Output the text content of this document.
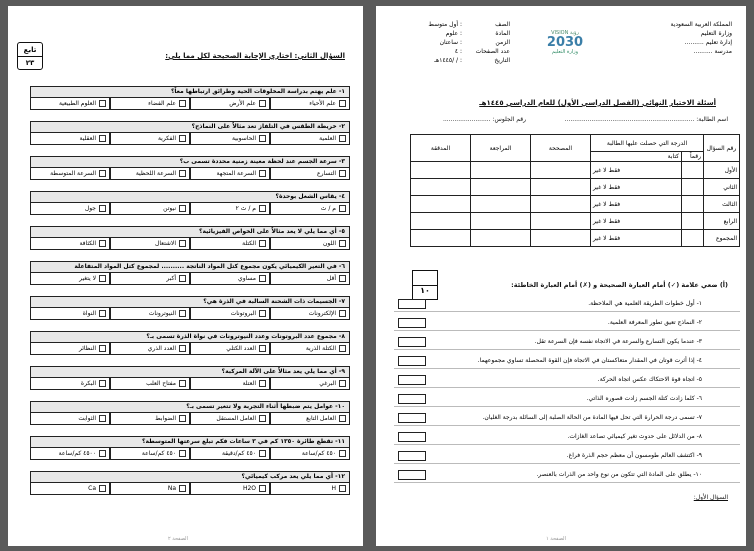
تابع
٢٣
السؤال الثاني: اختاري الإجابة الصحيحة لكل مما يلي:
١- علم يهتم بدراسة المخلوقات الحية وطرائق ارتباطها معاً؟
علم الأحياء
علم الأرض
علم الفضاء
العلوم الطبيعية
٢- خريطة الطقس في التلفاز تعد مثالاً على النماذج؟
العلمية
الحاسوبية
الفكرية
العقلية
٣- سرعة الجسم عند لحظة معينة زمنية محددة تسمى ب؟
التسارع
السرعة المتجهة
السرعة اللحظية
السرعة المتوسطة
٤- يقاس الشغل بوحدة؟
م / ث
م / ث ٢
نيوتن
جول
٥- أي مما يلي لا يعد مثالاً على الخواص الفيزيائية؟
اللون
الكتلة
الاشتعال
الكثافة
٦- في التغير الكيميائي يكون مجموع كتل المواد الناتجة .......... لمجموع كتل المواد المتفاعلة
أقل
مساوي
أكبر
لا يتغير
٧- الجسيمات ذات الشحنة السالبة في الذرة هي؟
الإلكترونات
البروتونات
النيوترونات
النواة
٨- مجموع عدد البروتونات وعدد النيوترونات في نواة الذرة تسمى بـ؟
الكتلة الذرية
العدد الكتلي
العدد الذري
النظائر
٩- أي مما يلي يعد مثالاً على الآلة المركبة؟
البرغي
العتلة
مفتاح العلب
البكرة
١٠- عوامل يتم ضبطها أثناء التجربة ولا تتغير تسمى بـ؟
العامل التابع
العامل المستقل
الضوابط
الثوابت
١١- تقطع طائرة ١٣٥٠ كم في ٣ ساعات فكم تبلغ سرعتها المتوسطة؟
٤٥٠ كم/ساعة
٤٥٠ كم/دقيقة
٤٥٠ كم/ساعة
٤٥٠٠ كم/ساعة
١٢- أي مما يلي يعد مركب كيميائي؟
H
H2O
Na
Ca
الصفحة ٢
المملكة العربية السعودية
وزارة التعليم
إدارة تعليم ..........
مدرسة ..........
VISION رؤية
2030
وزارة التعليم
الصف
: أول متوسط
المادة
: علوم
الزمن
: ساعتان
عدد الصفحات
: ٤
التاريخ
: / /١٤٤٥هـ
أسئلة الاختبار النهائي (الفصل الدراسي الأول) للعام الدراسي ١٤٤٥هـ
اسم الطالبة: ....................................................................
رقم الجلوس: .........................
رقم السؤال	الدرجة التي حصلت عليها الطالبة		المصححة	المراجعة	المدققة
	رقماً	كتابة			
الأول		فقط لا غير			
الثاني		فقط لا غير			
الثالث		فقط لا غير			
الرابع		فقط لا غير			
المجموع		فقط لا غير			
١٠
(أ) ضعي علامة (✓) أمام العبارة الصحيحة و (✗) أمام العبارة الخاطئة:
١- أول خطوات الطريقة العلمية هي الملاحظة.
٢- النماذج تعيق تطور المعرفة العلمية.
٣- عندما يكون التسارع والسرعة في الاتجاه نفسه فإن السرعة تقل.
٤- إذا أثرت قوتان في المقدار متعاكستان في الاتجاه فإن القوة المحصلة تساوي مجموعهما.
٥- اتجاه قوة الاحتكاك عكس اتجاه الحركة.
٦- كلما زادت كتلة الجسم زادت قصوره الذاتي.
٧- تسمى درجة الحرارة التي تحل فيها المادة من الحالة الصلبة إلى السائلة بدرجة الغليان.
٨- من الدلائل على حدوث تغير كيميائي تصاعد الغازات.
٩- اكتشف العالم طومسون أن معظم حجم الذرة فراغ.
١٠- يطلق على المادة التي تتكون من نوع واحد من الذرات بالعنصر.
السؤال الأول:
الصفحة ١
